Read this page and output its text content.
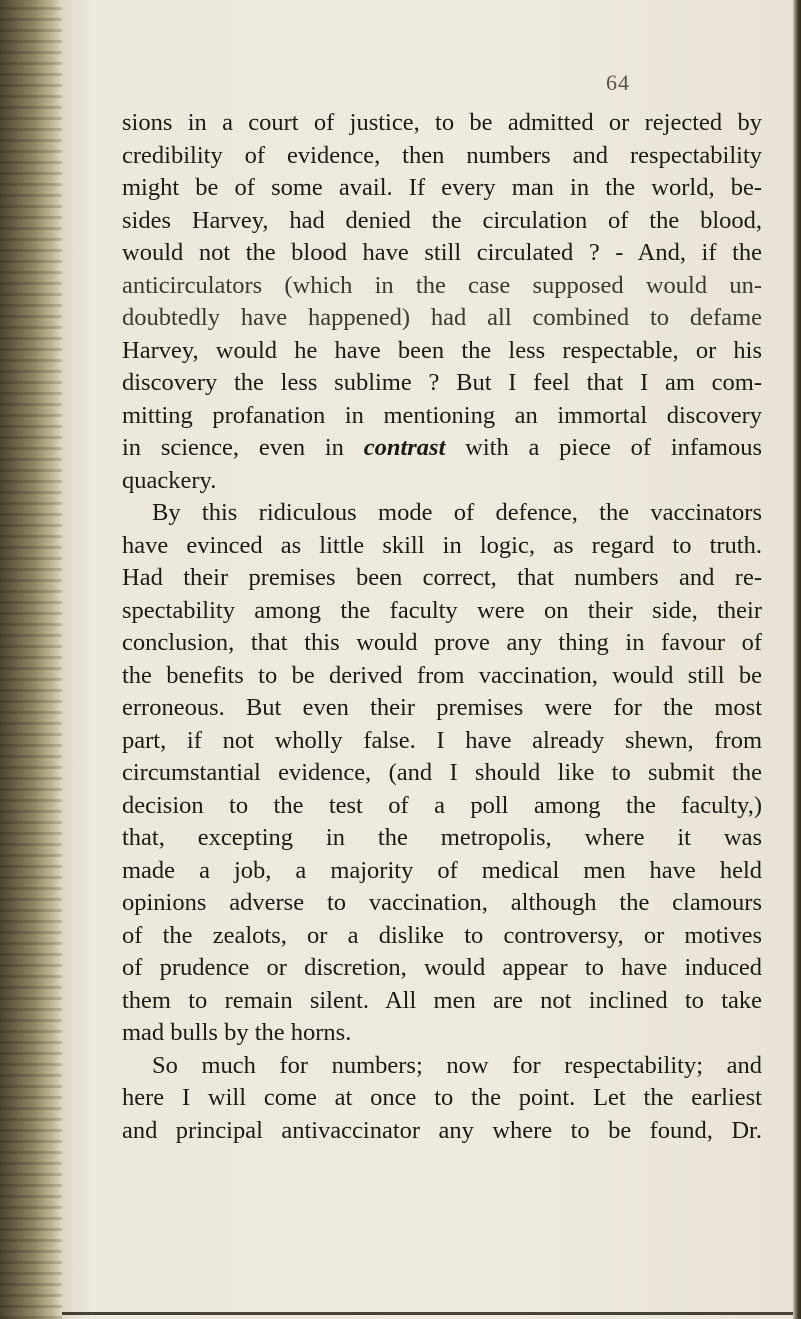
64
sions in a court of justice, to be admitted or rejected by
credibility of evidence, then numbers and respectability
might be of some avail. If every man in the world, be-
sides Harvey, had denied the circulation of the blood,
would not the blood have still circulated ? - And, if the
anticirculators (which in the case supposed would un-
doubtedly have happened) had all combined to defame
Harvey, would he have been the less respectable, or his
discovery the less sublime ? But I feel that I am com-
mitting profanation in mentioning an immortal discovery
in science, even in contrast with a piece of infamous
quackery.
By this ridiculous mode of defence, the vaccinators
have evinced as little skill in logic, as regard to truth.
Had their premises been correct, that numbers and re-
spectability among the faculty were on their side, their
conclusion, that this would prove any thing in favour of
the benefits to be derived from vaccination, would still be
erroneous. But even their premises were for the most
part, if not wholly false. I have already shewn, from
circumstantial evidence, (and I should like to submit the
decision to the test of a poll among the faculty,)
that, excepting in the metropolis, where it was
made a job, a majority of medical men have held
opinions adverse to vaccination, although the clamours
of the zealots, or a dislike to controversy, or motives
of prudence or discretion, would appear to have induced
them to remain silent. All men are not inclined to take
mad bulls by the horns.
So much for numbers; now for respectability; and
here I will come at once to the point. Let the earliest
and principal antivaccinator any where to be found, Dr.
